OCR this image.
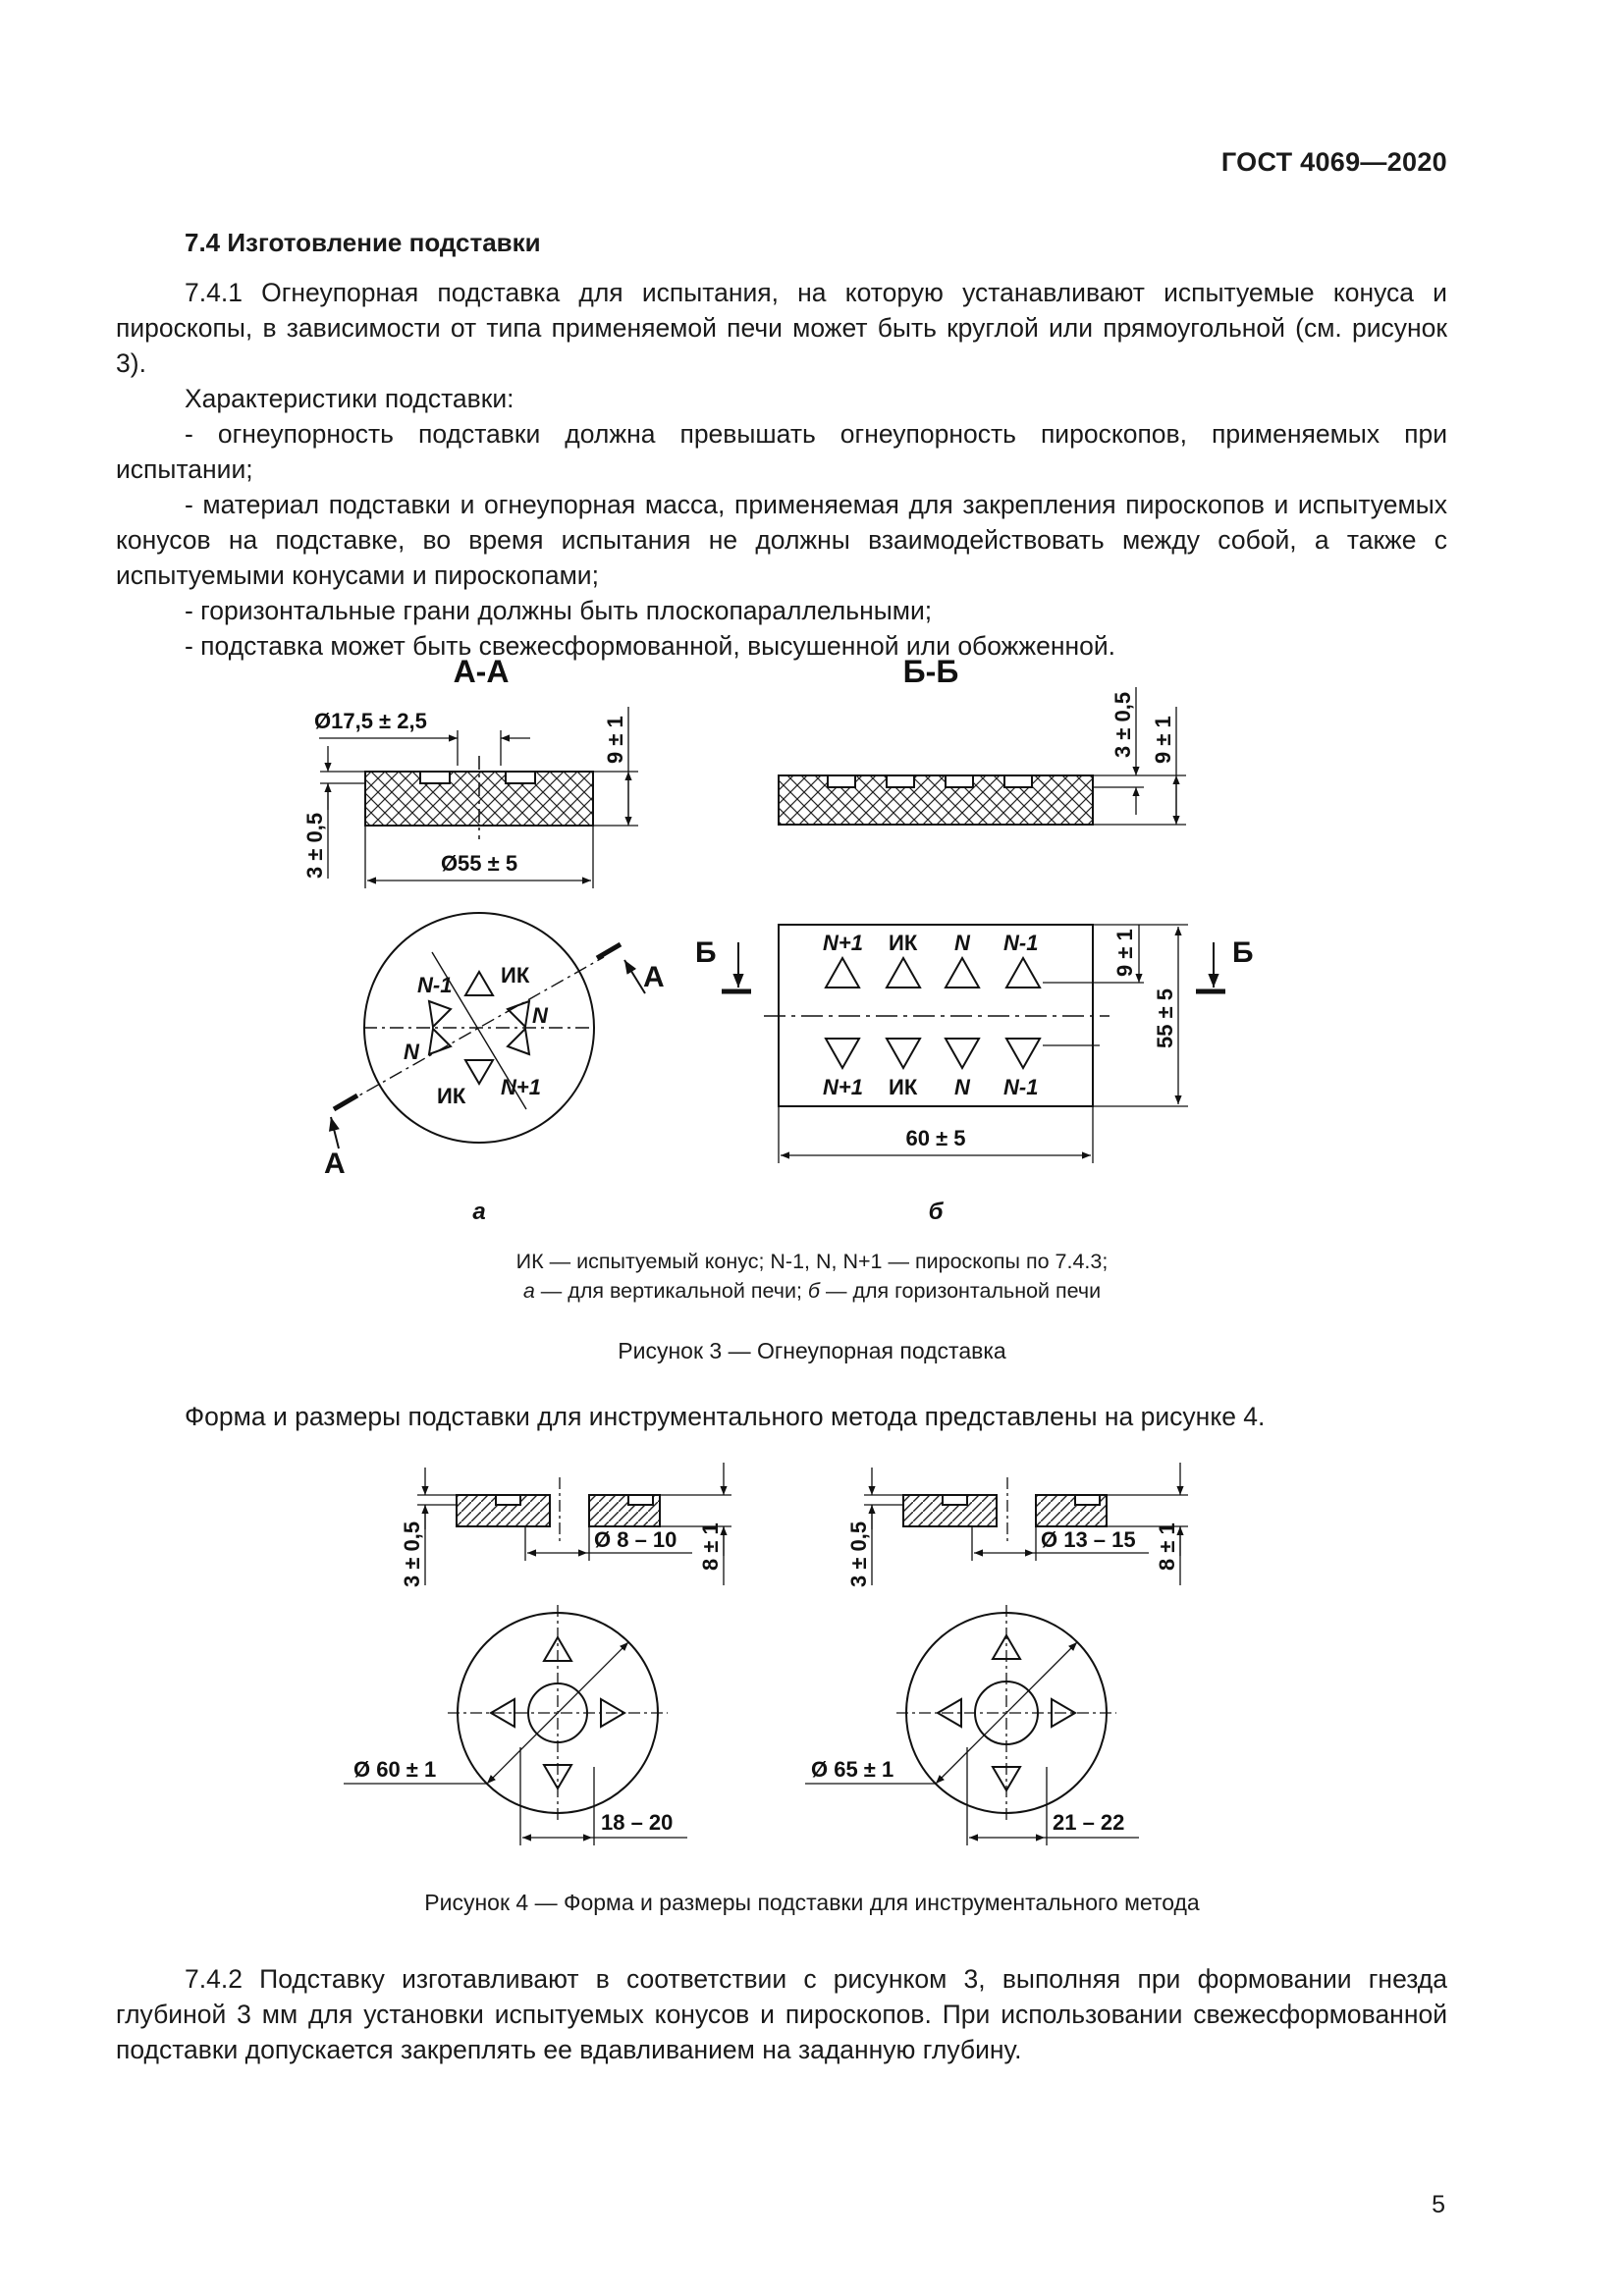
ГОСТ 4069—2020
7.4 Изготовление подставки

7.4.1 Огнеупорная подставка для испытания, на которую устанавливают испытуемые конуса и пироскопы, в зависимости от типа применяемой печи может быть круглой или прямоугольной (см. рисунок 3).

Характеристики подставки:

- огнеупорность подставки должна превышать огнеупорность пироскопов, применяемых при испытании;

- материал подставки и огнеупорная масса, применяемая для закрепления пироскопов и испытуемых конусов на подставке, во время испытания не должны взаимодействовать между собой, а также с испытуемыми конусами и пироскопами;

- горизонтальные грани должны быть плоскопараллельными;

- подставка может быть свежесформованной, высушенной или обожженной.

А-А
Ø17,5 ± 2,5
3 ± 0,5
9 ± 1
Ø55 ± 5
Б-Б
3 ± 0,5 9 ± 1
А
А
ИК
ИК
N-1
N
N
N+1
Б	Б
N+1 ИК N N-1
N+1 ИК N N-1
9 ± 1
55 ± 5
60 ± 5
а	б
ИК — испытуемый конус; N-1, N, N+1 — пироскопы по 7.4.3;
а — для вертикальной печи; б — для горизонтальной печи
Рисунок 3 — Огнеупорная подставка

Форма и размеры подставки для инструментального метода представлены на рисунке 4.

3 ± 0,5	8 ± 1
Ø 8 – 10
Ø 60 ± 1
18 – 20
3 ± 0,5	8 ± 1
Ø 13 – 15
Ø 65 ± 1
21 – 22
Рисунок 4 — Форма и размеры подставки для инструментального метода

7.4.2 Подставку изготавливают в соответствии с рисунком 3, выполняя при формовании гнезда глубиной 3 мм для установки испытуемых конусов и пироскопов. При использовании свежесформованной подставки допускается закреплять ее вдавливанием на заданную глубину.

5
